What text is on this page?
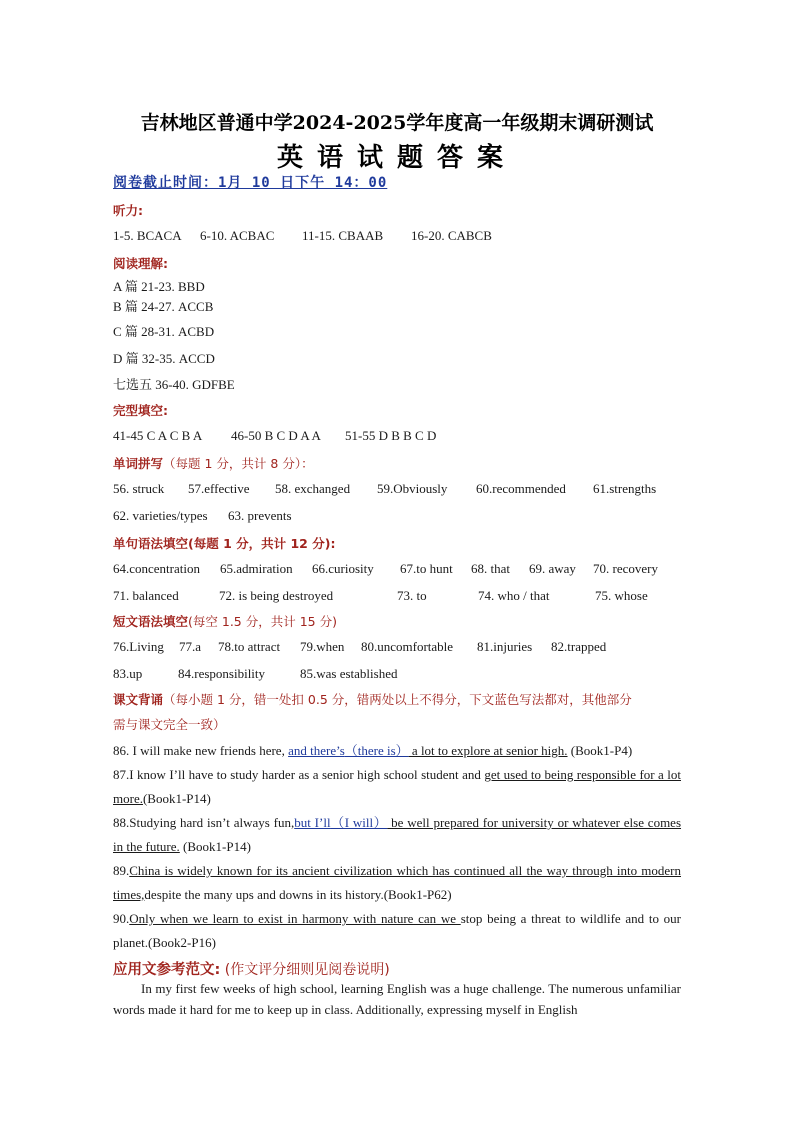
吉林地区普通中学2024-2025学年度高一年级期末调研测试
英语试题答案
阅卷截止时间：1月 10 日下午 14：00
听力:
1-5. BCACA 6-10. ACBAC 11-15. CBAAB 16-20. CABCB
阅读理解:
A 篇 21-23. BBD
B 篇 24-27. ACCB
C 篇 28-31. ACBD
D 篇 32-35. ACCD
七选五 36-40. GDFBE
完型填空:
41-45 C A C B A 46-50 B C D A A 51-55 D B B C D
单词拼写（每题 1 分，共计 8 分）：
56. struck 57.effective 58. exchanged 59.Obviously 60.recommended 61.strengths
62. varieties/types 63. prevents
单句语法填空(每题 1 分，共计 12 分):
64.concentration 65.admiration 66.curiosity 67.to hunt 68. that 69. away 70. recovery
71. balanced	72. is being destroyed	73. to	74. who / that	75. whose
短文语法填空(每空 1.5 分，共计 15 分)
76.Living 77.a 78.to attract 79.when 80.uncomfortable 81.injuries 82.trapped
83.up	84.responsibility	85.was established
课文背诵（每小题 1 分，错一处扣 0.5 分，错两处以上不得分，下文蓝色写法都对，其他部分
需与课文完全一致）
86. I will make new friends here, and there’s（there is） a lot to explore at senior high. (Book1-P4)
87.I know I’ll have to study harder as a senior high school student and get used to being responsible for a lot more.(Book1-P14)
88.Studying hard isn’t always fun,but I’ll（I will） be well prepared for university or whatever else comes in the future. (Book1-P14)
89.China is widely known for its ancient civilization which has continued all the way through into modern times,despite the many ups and downs in its history.(Book1-P62)
90.Only when we learn to exist in harmony with nature can we stop being a threat to wildlife and to our planet.(Book2-P16)
应用文参考范文: (作文评分细则见阅卷说明)
In my first few weeks of high school, learning English was a huge challenge. The numerous unfamiliar words made it hard for me to keep up in class. Additionally, expressing myself in English
